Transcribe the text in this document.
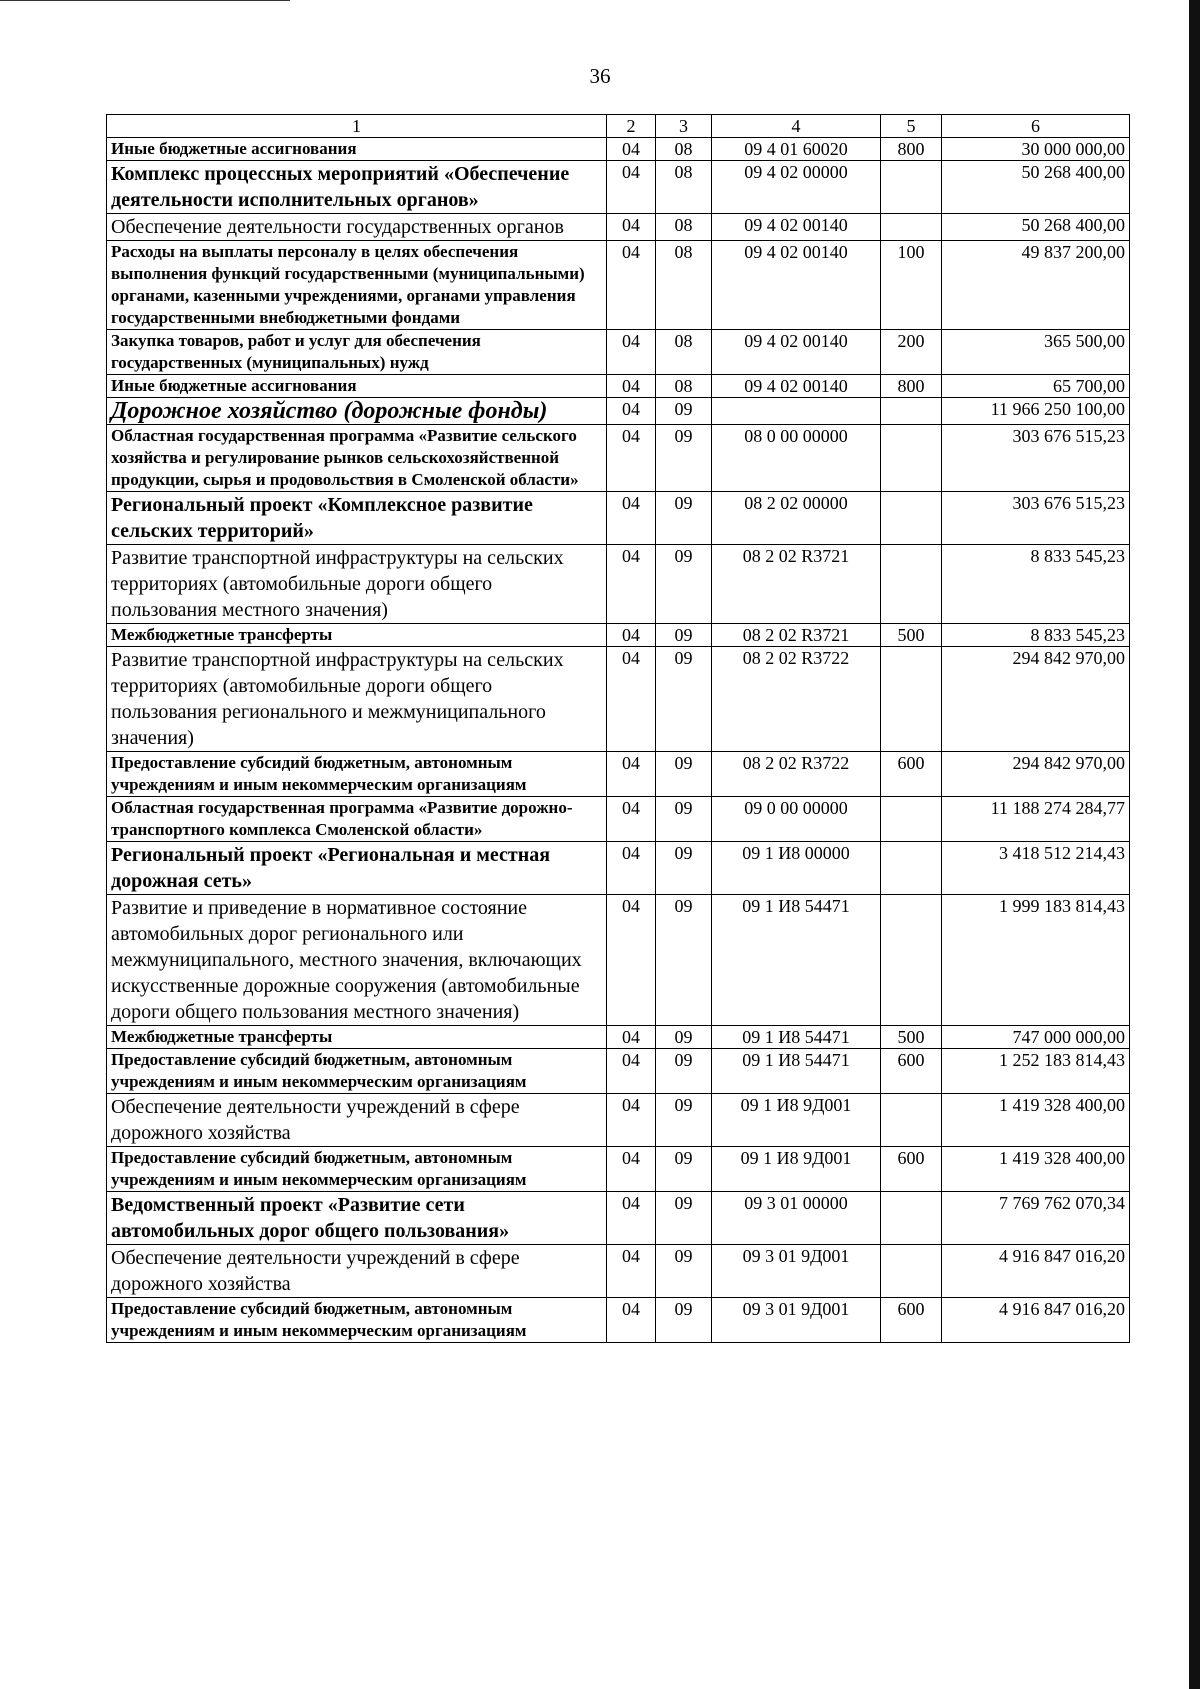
36
1	2	3	4	5	6
Иные бюджетные ассигнования	04	08	09 4 01 60020	800	30 000 000,00
Комплекс процессных мероприятий «Обеспечение деятельности исполнительных органов»	04	08	09 4 02 00000		50 268 400,00
Обеспечение деятельности государственных органов	04	08	09 4 02 00140		50 268 400,00
Расходы на выплаты персоналу в целях обеспечения выполнения функций государственными (муниципальными) органами, казенными учреждениями, органами управления государственными внебюджетными фондами	04	08	09 4 02 00140	100	49 837 200,00
Закупка товаров, работ и услуг для обеспечения государственных (муниципальных) нужд	04	08	09 4 02 00140	200	365 500,00
Иные бюджетные ассигнования	04	08	09 4 02 00140	800	65 700,00
Дорожное хозяйство (дорожные фонды)	04	09			11 966 250 100,00
Областная государственная программа «Развитие сельского хозяйства и регулирование рынков сельскохозяйственной продукции, сырья и продовольствия в Смоленской области»	04	09	08 0 00 00000		303 676 515,23
Региональный проект «Комплексное развитие сельских территорий»	04	09	08 2 02 00000		303 676 515,23
Развитие транспортной инфраструктуры на сельских территориях (автомобильные дороги общего пользования местного значения)	04	09	08 2 02 R3721		8 833 545,23
Межбюджетные трансферты	04	09	08 2 02 R3721	500	8 833 545,23
Развитие транспортной инфраструктуры на сельских территориях (автомобильные дороги общего пользования регионального и межмуниципального значения)	04	09	08 2 02 R3722		294 842 970,00
Предоставление субсидий бюджетным, автономным учреждениям и иным некоммерческим организациям	04	09	08 2 02 R3722	600	294 842 970,00
Областная государственная программа «Развитие дорожно-транспортного комплекса Смоленской области»	04	09	09 0 00 00000		11 188 274 284,77
Региональный проект «Региональная и местная дорожная сеть»	04	09	09 1 И8 00000		3 418 512 214,43
Развитие и приведение в нормативное состояние автомобильных дорог регионального или межмуниципального, местного значения, включающих искусственные дорожные сооружения (автомобильные дороги общего пользования местного значения)	04	09	09 1 И8 54471		1 999 183 814,43
Межбюджетные трансферты	04	09	09 1 И8 54471	500	747 000 000,00
Предоставление субсидий бюджетным, автономным учреждениям и иным некоммерческим организациям	04	09	09 1 И8 54471	600	1 252 183 814,43
Обеспечение деятельности учреждений в сфере дорожного хозяйства	04	09	09 1 И8 9Д001		1 419 328 400,00
Предоставление субсидий бюджетным, автономным учреждениям и иным некоммерческим организациям	04	09	09 1 И8 9Д001	600	1 419 328 400,00
Ведомственный проект «Развитие сети автомобильных дорог общего пользования»	04	09	09 3 01 00000		7 769 762 070,34
Обеспечение деятельности учреждений в сфере дорожного хозяйства	04	09	09 3 01 9Д001		4 916 847 016,20
Предоставление субсидий бюджетным, автономным учреждениям и иным некоммерческим организациям	04	09	09 3 01 9Д001	600	4 916 847 016,20
